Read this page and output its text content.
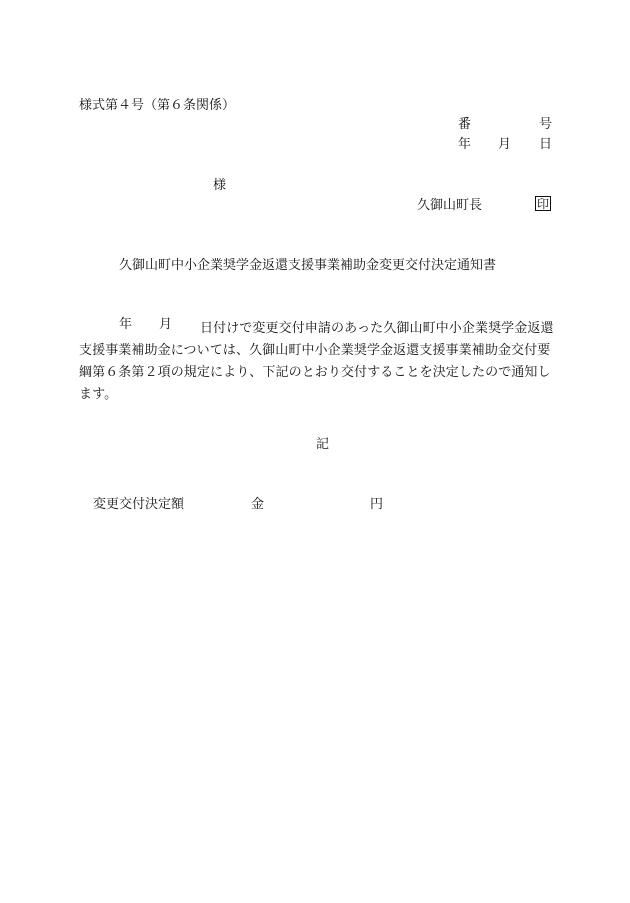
様式第４号（第６条関係）
番	号
年 月 日
様
久御山町長	印
久御山町中小企業奨学金返還支援事業補助金変更交付決定通知書
年 月	日付けで変更交付申請のあった久御山町中小企業奨学金返還支援事業補助金については、久御山町中小企業奨学金返還支援事業補助金交付要綱第６条第２項の規定により、下記のとおり交付することを決定したので通知します。

記
変更交付決定額	金	円
